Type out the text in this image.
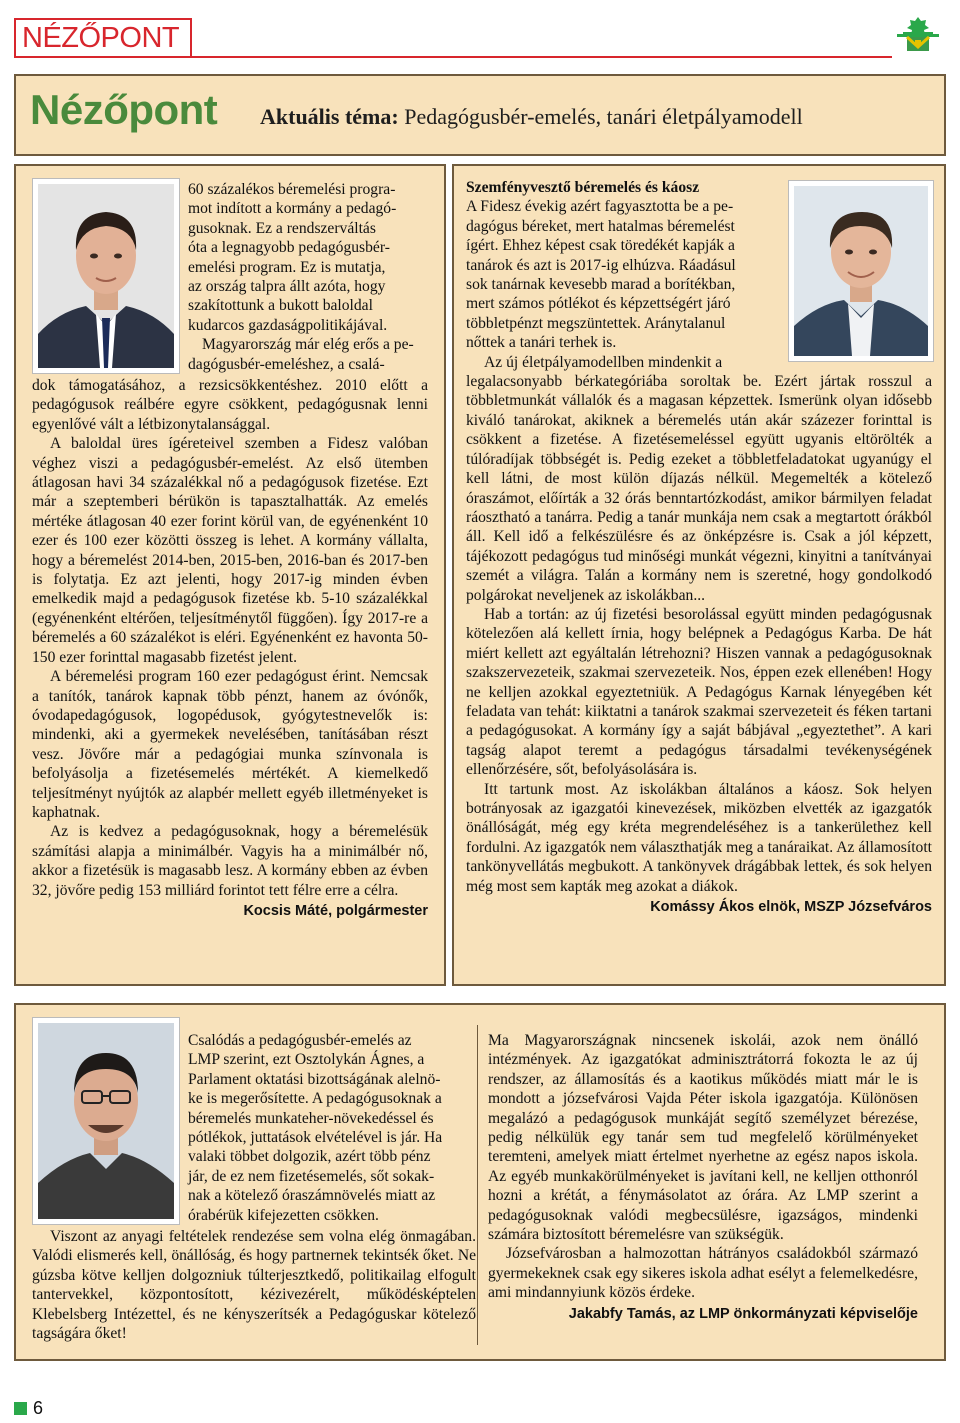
NÉZŐPONT
Nézőpont Aktuális téma: Pedagógusbér-emelés, tanári életpályamodell

60 százalékos béremelési progra-

mot indított a kormány a pedagó-

gusoknak. Ez a rendszerváltás

óta a legnagyobb pedagógusbér-

emelési program. Ez is mutatja,

az ország talpra állt azóta, hogy

szakítottunk a bukott baloldal

kudarcos gazdaságpolitikájával.

Magyarország már elég erős a pe-

dagógusbér-emeléshez, a csalá-

dok támogatásához, a rezsicsökkentéshez. 2010 előtt a pedagógusok reálbére egyre csökkent, pedagógusnak lenni egyenlővé vált a létbizonytalansággal.

A baloldal üres ígéreteivel szemben a Fidesz valóban véghez viszi a pedagógusbér-emelést. Az első ütemben átlagosan havi 34 százalékkal nő a pedagógusok fizetése. Ezt már a szeptemberi bérükön is tapasztalhatták. Az emelés mértéke átlagosan 40 ezer forint körül van, de egyénenként 10 ezer és 100 ezer közötti összeg is lehet. A kormány vállalta, hogy a béremelést 2014-ben, 2015-ben, 2016-ban és 2017-ben is folytatja. Ez azt jelenti, hogy 2017-ig minden évben emelkedik majd a pedagógusok fizetése kb. 5-10 százalékkal (egyénenként eltérően, teljesítménytől függően). Így 2017-re a béremelés a 60 százalékot is eléri. Egyénenként ez havonta 50-150 ezer forinttal magasabb fizetést jelent.

A béremelési program 160 ezer pedagógust érint. Nemcsak a tanítók, tanárok kapnak több pénzt, hanem az óvónők, óvodapedagógusok, logopédusok, gyógytestnevelők is: mindenki, aki a gyermekek nevelésében, tanításában részt vesz. Jövőre már a pedagógiai munka színvonala is befolyásolja a fizetésemelés mértékét. A kiemelkedő teljesítményt nyújtók az alapbér mellett egyéb illetményeket is kaphatnak.

Az is kedvez a pedagógusoknak, hogy a béremelésük számítási alapja a minimálbér. Vagyis ha a minimálbér nő, akkor a fizetésük is magasabb lesz. A kormány ebben az évben 32, jövőre pedig 153 milliárd forintot tett félre erre a célra.

Kocsis Máté, polgármester

Szemfényvesztő béremelés és káosz

A Fidesz évekig azért fagyasztotta be a pe-

dagógus béreket, mert hatalmas béremelést

ígért. Ehhez képest csak töredékét kapják a

tanárok és azt is 2017-ig elhúzva. Ráadásul

sok tanárnak kevesebb marad a borítékban,

mert számos pótlékot és képzettségért járó

többletpénzt megszüntettek. Aránytalanul

nőttek a tanári terhek is.

Az új életpályamodellben mindenkit a

legalacsonyabb bérkategóriába soroltak be. Ezért jártak rosszul a többletmunkát vállalók és a magasan képzettek. Ismerünk olyan idősebb kiváló tanárokat, akiknek a béremelés után akár százezer forinttal is csökkent a fizetése. A fizetésemeléssel együtt ugyanis eltörölték a túlóradíjak többségét is. Pedig ezeket a többletfeladatokat ugyanúgy el kell látni, de most külön díjazás nélkül. Megemelték a kötelező óraszámot, előírták a 32 órás benntartózkodást, amikor bármilyen feladat ráosztható a tanárra. Pedig a tanár munkája nem csak a megtartott órákból áll. Kell idő a felkészülésre és az önképzésre is. Csak a jól képzett, tájékozott pedagógus tud minőségi munkát végezni, kinyitni a tanítványai szemét a világra. Talán a kormány nem is szeretné, hogy gondolkodó polgárokat neveljenek az iskolákban...

Hab a tortán: az új fizetési besorolással együtt minden pedagógusnak kötelezően alá kellett írnia, hogy belépnek a Pedagógus Karba. De hát miért kellett azt egyáltalán létrehozni? Hiszen vannak a pedagógusoknak szakszervezeteik, szakmai szervezeteik. Nos, éppen ezek ellenében! Hogy ne kelljen azokkal egyeztetniük. A Pedagógus Karnak lényegében két feladata van tehát: kiiktatni a tanárok szakmai szervezeteit és féken tartani a pedagógusokat. A kormány így a saját bábjával „egyeztethet”. A kari tagság alapot teremt a pedagógus társadalmi tevékenységének ellenőrzésére, sőt, befolyásolására is.

Itt tartunk most. Az iskolákban általános a káosz. Sok helyen botrányosak az igazgatói kinevezések, miközben elvették az igazgatók önállóságát, még egy kréta megrendeléséhez is a tankerülethez kell fordulni. Az igazgatók nem választhatják meg a tanáraikat. Az államosított tankönyvellátás megbukott. A tankönyvek drágábbak lettek, és sok helyen még most sem kapták meg azokat a diákok.

Komássy Ákos elnök, MSZP Józsefváros

Csalódás a pedagógusbér-emelés az

LMP szerint, ezt Osztolykán Ágnes, a

Parlament oktatási bizottságának alelnö-

ke is megerősítette. A pedagógusoknak a

béremelés munkateher-növekedéssel és

pótlékok, juttatások elvételével is jár. Ha

valaki többet dolgozik, azért több pénz

jár, de ez nem fizetésemelés, sőt sokak-

nak a kötelező óraszámnövelés miatt az

órabérük kifejezetten csökken.

Viszont az anyagi feltételek rendezése sem volna elég önmagában. Valódi elismerés kell, önállóság, és hogy partnernek tekintsék őket. Ne gúzsba kötve kelljen dolgozniuk túlterjesztkedő, politikailag elfogult tantervekkel, központosított, kézivezérelt, működésképtelen Klebelsberg Intézettel, és ne kényszerítsék a Pedagóguskar kötelező tagságára őket!

Ma Magyarországnak nincsenek iskolái, azok nem önálló intézmények. Az igazgatókat adminisztrátorrá fokozta le az új rendszer, az államosítás és a kaotikus működés miatt már le is mondott a józsefvárosi Vajda Péter iskola igazgatója. Különösen megalázó a pedagógusok munkáját segítő személyzet bérezése, pedig nélkülük egy tanár sem tud megfelelő körülményeket teremteni, amelyek miatt értelmet nyerhetne az egész napos iskola. Az egyéb munkakörülményeket is javítani kell, ne kelljen otthonról hozni a krétát, a fénymásolatot az órára. Az LMP szerint a pedagógusoknak valódi megbecsülésre, igazságos, mindenki számára biztosított béremelésre van szükségük.

Józsefvárosban a halmozottan hátrányos családokból származó gyermekeknek csak egy sikeres iskola adhat esélyt a felemelkedésre, ami mindannyiunk közös érdeke.

Jakabfy Tamás, az LMP önkormányzati képviselője

6
